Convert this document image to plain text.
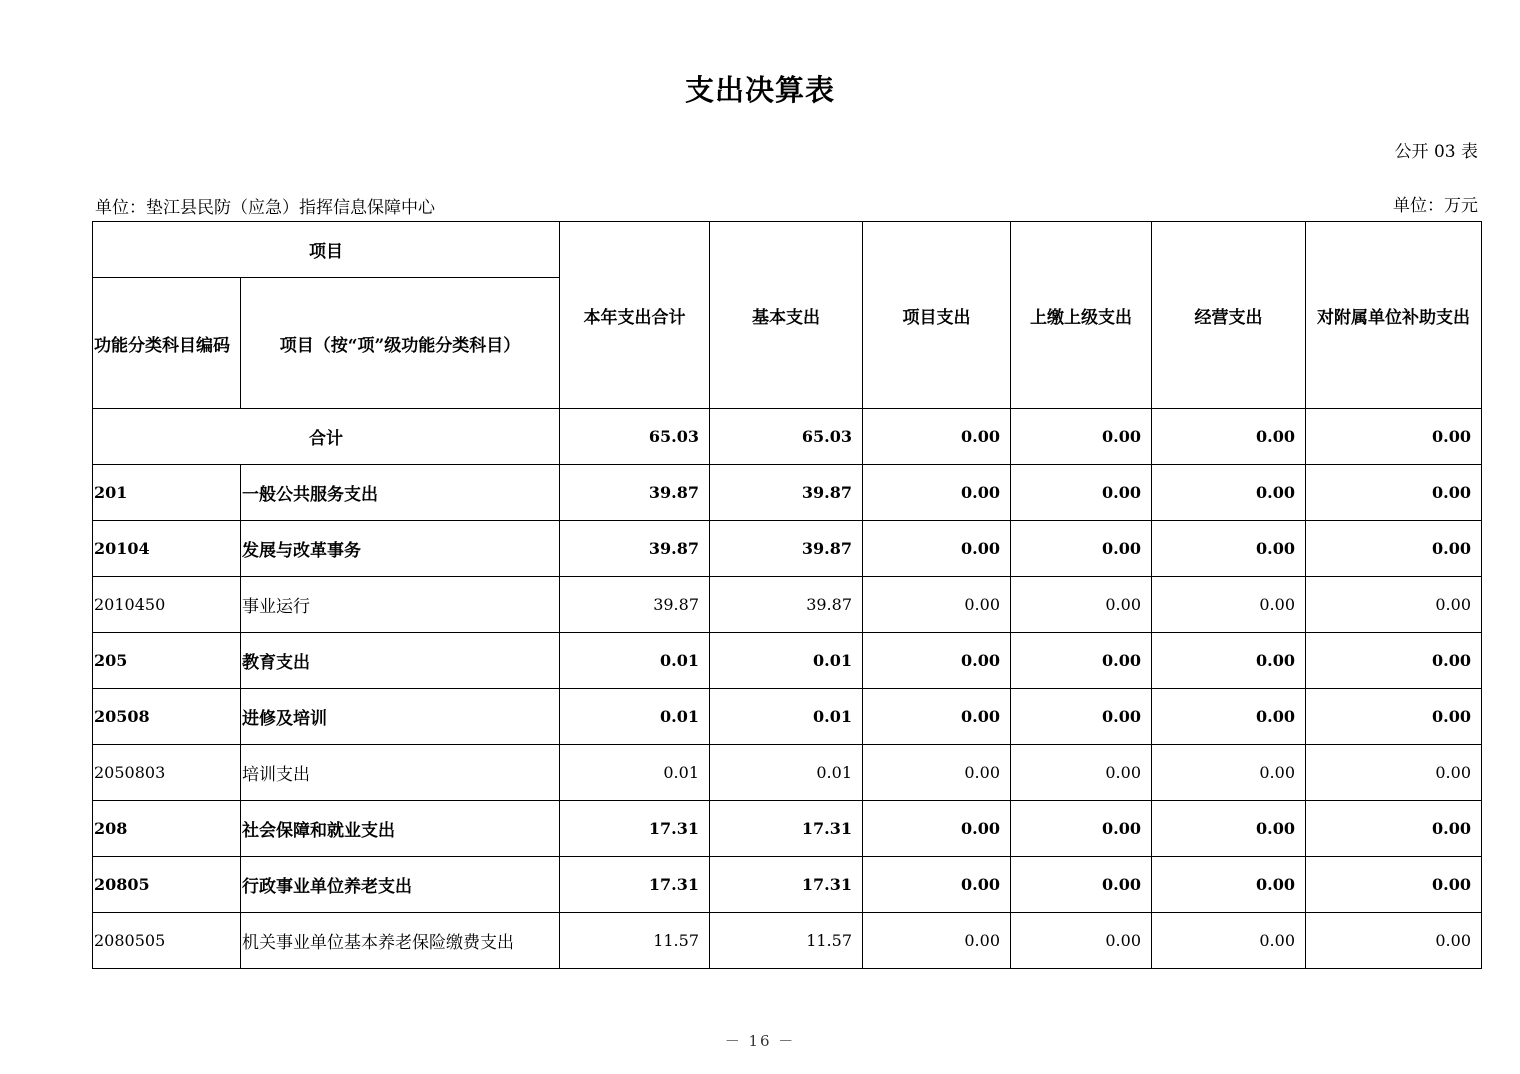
支出决算表
公开 03 表
单位：垫江县民防（应急）指挥信息保障中心	单位：万元
项目		本年支出合计	基本支出	项目支出	上缴上级支出	经营支出	对附属单位补助支出
功能分类科目编码	项目（按“项”级功能分类科目）						
合计		65.03	65.03	0.00	0.00	0.00	0.00
201	一般公共服务支出	39.87	39.87	0.00	0.00	0.00	0.00
20104	发展与改革事务	39.87	39.87	0.00	0.00	0.00	0.00
2010450	事业运行	39.87	39.87	0.00	0.00	0.00	0.00
205	教育支出	0.01	0.01	0.00	0.00	0.00	0.00
20508	进修及培训	0.01	0.01	0.00	0.00	0.00	0.00
2050803	培训支出	0.01	0.01	0.00	0.00	0.00	0.00
208	社会保障和就业支出	17.31	17.31	0.00	0.00	0.00	0.00
20805	行政事业单位养老支出	17.31	17.31	0.00	0.00	0.00	0.00
2080505	机关事业单位基本养老保险缴费支出	11.57	11.57	0.00	0.00	0.00	0.00
－ 16 －
